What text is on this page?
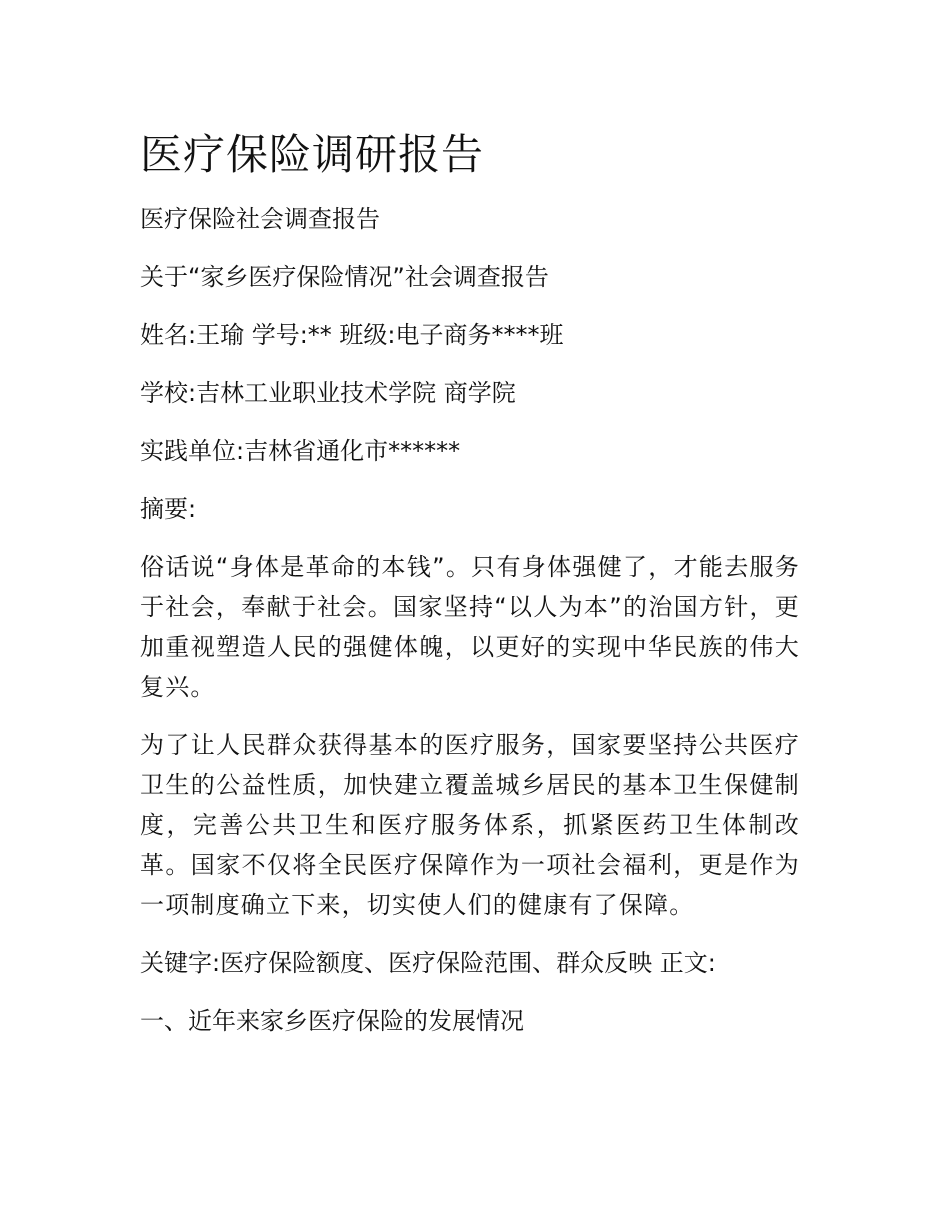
医疗保险调研报告

医疗保险社会调查报告

关于“家乡医疗保险情况”社会调查报告

姓名:王瑜 学号:** 班级:电子商务****班

学校:吉林工业职业技术学院 商学院

实践单位:吉林省通化市******

摘要:

俗话说“身体是革命的本钱”。只有身体强健了，才能去服务于社会，奉献于社会。国家坚持“以人为本”的治国方针，更加重视塑造人民的强健体魄，以更好的实现中华民族的伟大复兴。

为了让人民群众获得基本的医疗服务，国家要坚持公共医疗卫生的公益性质，加快建立覆盖城乡居民的基本卫生保健制度，完善公共卫生和医疗服务体系，抓紧医药卫生体制改革。国家不仅将全民医疗保障作为一项社会福利，更是作为一项制度确立下来，切实使人们的健康有了保障。

关键字:医疗保险额度、医疗保险范围、群众反映 正文:

一、近年来家乡医疗保险的发展情况
